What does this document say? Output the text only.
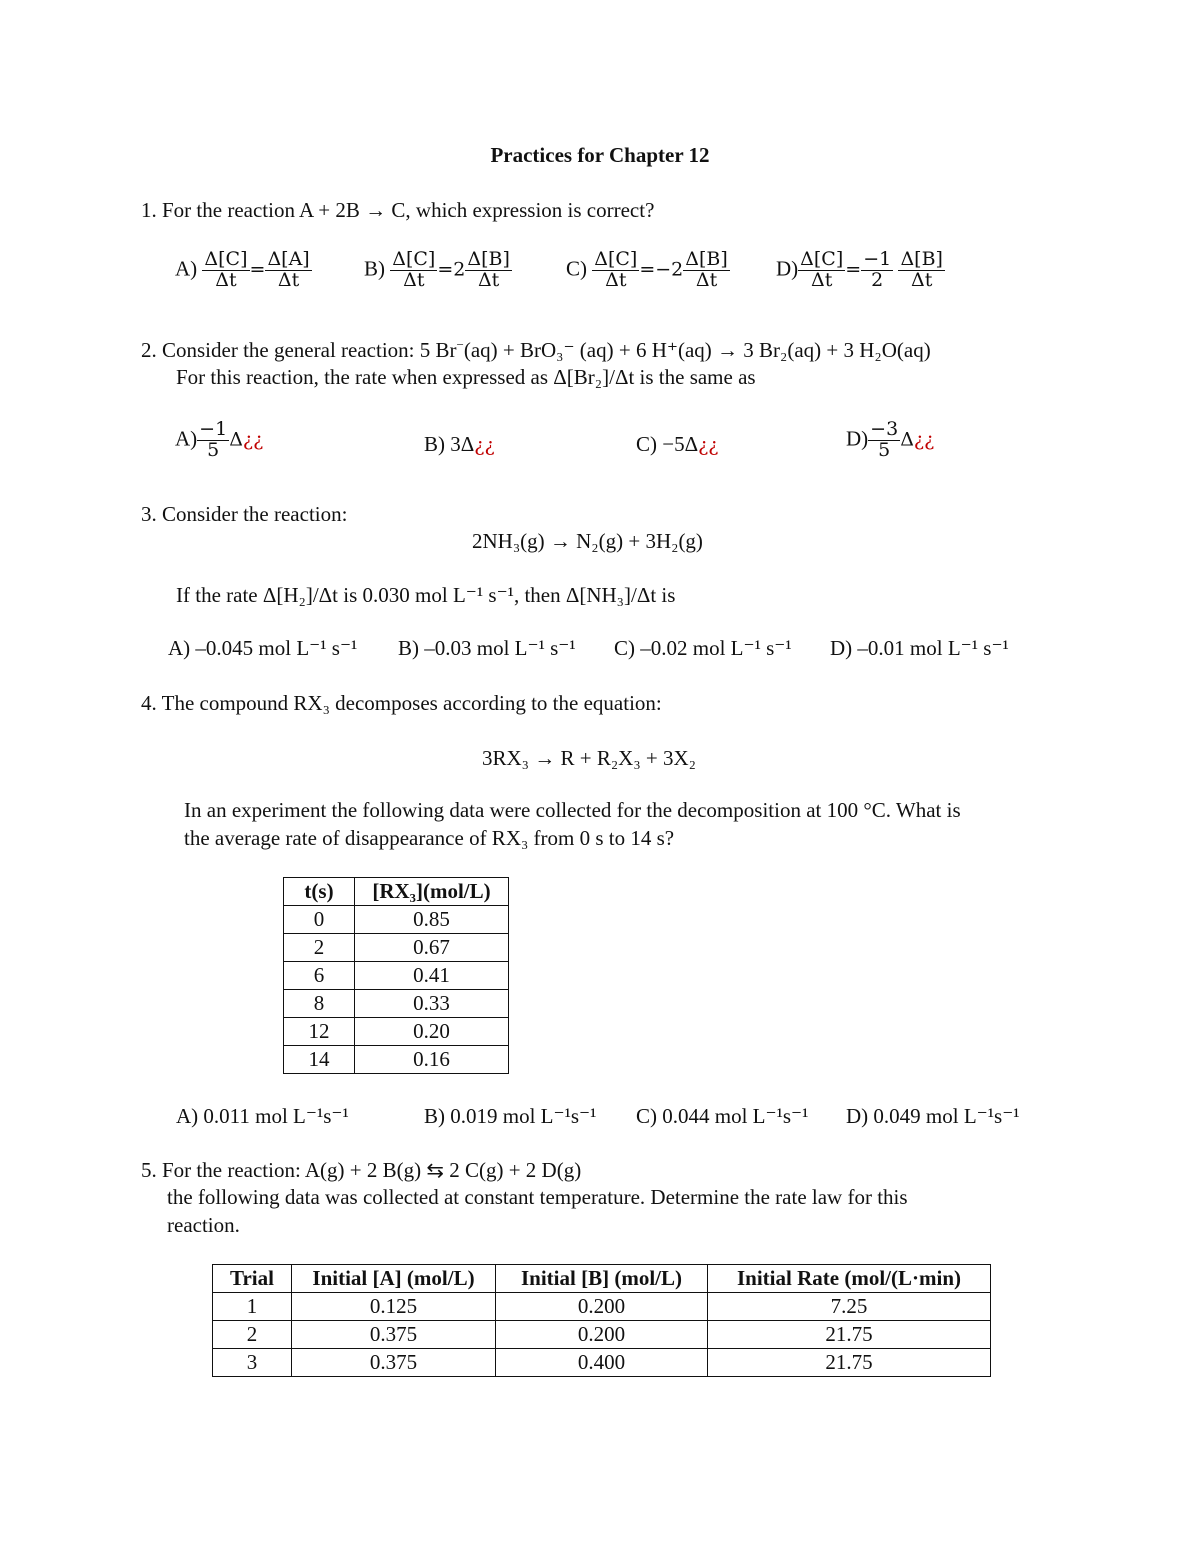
Practices for Chapter 12
1. For the reaction A + 2B → C, which expression is correct?
$A) \frac{\Delta[C]}{\Delta t} = \frac{\Delta[A]}{\Delta t} B) \frac{\Delta[C]}{\Delta t} =2 \frac{\Delta[B]}{\Delta t}$	$C) \frac{\Delta[C]}{\Delta t} =-2 \frac{\Delta[B]}{\Delta t} D) \frac{\Delta[C]}{\Delta t} = \frac{-1}{2}$
$\frac{\Delta[B]}{\Delta t}$
2. Consider the general reaction: 5 Br−(aq) + BrO₃⁻ (aq) + 6 H⁺(aq) → 3 Br₂(aq) + 3 H₂O(aq)
For this reaction, the rate when expressed as Δ[Br₂]/Δt is the same as
$A) \frac{-1}{5}$ Δ¿¿	B) 3Δ¿¿	C) −5Δ¿¿	$D) \frac{-3}{5}$ Δ¿¿
3. Consider the reaction:
2NH₃(g) → N₂(g) + 3H₂(g)
If the rate Δ[H₂]/Δt is 0.030 mol L⁻¹ s⁻¹, then Δ[NH₃]/Δt is
A) –0.045 mol L⁻¹ s⁻¹ B) –0.03 mol L⁻¹ s⁻¹ C) –0.02 mol L⁻¹ s⁻¹ D) –0.01 mol L⁻¹ s⁻¹
4. The compound RX₃ decomposes according to the equation:
3RX₃ → R + R₂X₃ + 3X₂
In an experiment the following data were collected for the decomposition at 100 °C. What is
the average rate of disappearance of RX₃ from 0 s to 14 s?
t(s)	[RX₃](mol/L)
0	0.85
2	0.67
6	0.41
8	0.33
12	0.20
14	0.16
A) 0.011 mol L⁻¹s⁻¹	B) 0.019 mol L⁻¹s⁻¹ C) 0.044 mol L⁻¹s⁻¹ D) 0.049 mol L⁻¹s⁻¹
5. For the reaction: A(g) + 2 B(g) ⇆ 2 C(g) + 2 D(g)
the following data was collected at constant temperature. Determine the rate law for this
reaction.
Trial	Initial [A] (mol/L)	Initial [B] (mol/L)	Initial Rate (mol/(L·min)
1	0.125	0.200	7.25
2	0.375	0.200	21.75
3	0.375	0.400	21.75
